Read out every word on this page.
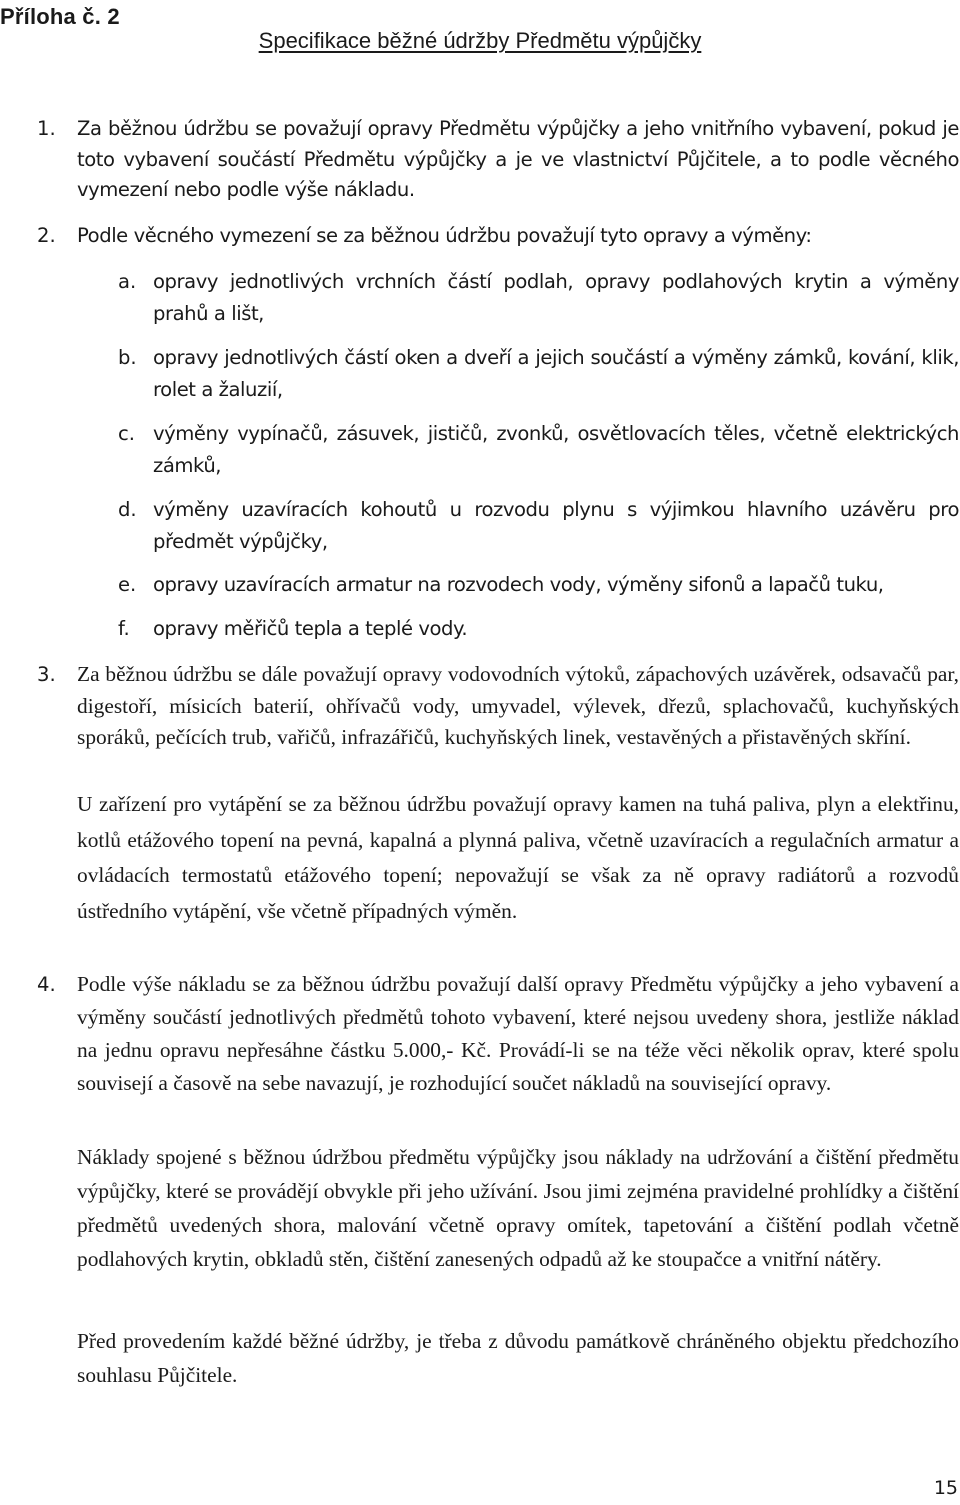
Příloha č. 2
Specifikace běžné údržby Předmětu výpůjčky
1. Za běžnou údržbu se považují opravy Předmětu výpůjčky a jeho vnitřního vybavení, pokud je toto vybavení součástí Předmětu výpůjčky a je ve vlastnictví Půjčitele, a to podle věcného vymezení nebo podle výše nákladu.
2. Podle věcného vymezení se za běžnou údržbu považují tyto opravy a výměny:
a. opravy jednotlivých vrchních částí podlah, opravy podlahových krytin a výměny prahů a lišt,
b. opravy jednotlivých částí oken a dveří a jejich součástí a výměny zámků, kování, klik, rolet a žaluzií,
c. výměny vypínačů, zásuvek, jističů, zvonků, osvětlovacích těles, včetně elektrických zámků,
d. výměny uzavíracích kohoutů u rozvodu plynu s výjimkou hlavního uzávěru pro předmět výpůjčky,
e. opravy uzavíracích armatur na rozvodech vody, výměny sifonů a lapačů tuku,
f. opravy měřičů tepla a teplé vody.
3. Za běžnou údržbu se dále považují opravy vodovodních výtoků, zápachových uzávěrek, odsavačů par, digestoří, mísicích baterií, ohřívačů vody, umyvadel, výlevek, dřezů, splachovačů, kuchyňských sporáků, pečících trub, vařičů, infrazářičů, kuchyňských linek, vestavěných a přistavěných skříní.
U zařízení pro vytápění se za běžnou údržbu považují opravy kamen na tuhá paliva, plyn a elektřinu, kotlů etážového topení na pevná, kapalná a plynná paliva, včetně uzavíracích a regulačních armatur a ovládacích termostatů etážového topení; nepovažují se však za ně opravy radiátorů a rozvodů ústředního vytápění, vše včetně případných výměn.
4. Podle výše nákladu se za běžnou údržbu považují další opravy Předmětu výpůjčky a jeho vybavení a výměny součástí jednotlivých předmětů tohoto vybavení, které nejsou uvedeny shora, jestliže náklad na jednu opravu nepřesáhne částku 5.000,- Kč. Provádí-li se na téže věci několik oprav, které spolu souvisejí a časově na sebe navazují, je rozhodující součet nákladů na související opravy.
Náklady spojené s běžnou údržbou předmětu výpůjčky jsou náklady na udržování a čištění předmětu výpůjčky, které se provádějí obvykle při jeho užívání. Jsou jimi zejména pravidelné prohlídky a čištění předmětů uvedených shora, malování včetně opravy omítek, tapetování a čištění podlah včetně podlahových krytin, obkladů stěn, čištění zanesených odpadů až ke stoupačce a vnitřní nátěry.
Před provedením každé běžné údržby, je třeba z důvodu památkově chráněného objektu předchozího souhlasu Půjčitele.
15
